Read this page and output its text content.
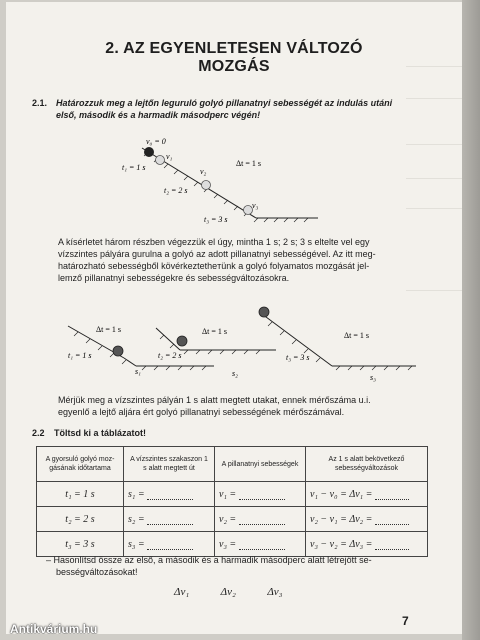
2. AZ EGYENLETESEN VÁLTOZÓ
MOZGÁS
2.1. Határozzuk meg a lejtőn leguruló golyó pillanatnyi sebességét az indulás utáni
első, második és a harmadik másodperc végén!
v₀ = 0
v₁
v₂
v₃
Δt = 1 s
t₁ = 1 s
t₂ = 2 s
t₃ = 3 s
Δt = 1 s
t₁ = 1 s
s₁
Δt = 1 s
t₂ = 2 s
s₂
Δt = 1 s
t₃ = 3 s
s₃
A kísérletet három részben végezzük el úgy, mintha 1 s; 2 s; 3 s eltelte vel egy
vízszintes pályára gurulna a golyó az adott pillanatnyi sebességével. Az itt meg-
határozható sebességből kövérkeztetheтünk a golyó folyamatos mozgását jel-
lemző pillanatnyi sebességekre és sebességváltozásokra.
Mérjük meg a vízszintes pályán 1 s alatt megtett utakat, ennek mérőszáma u.i.
egyenlő a lejtő aljára ért golyó pillanatnyi sebességének mérőszámával.
2.2 Töltsd ki a táblázatot!
A gyorsuló golyó moz-gásának időtartama	A vízszintes szakaszon 1 s alatt megtett út	A pillanatnyi sebességek	Az 1 s alatt bekövetkező sebességváltozások
t₁ = 1 s	s₁ =	v₁ =	v₁ − v₀ = Δv₁ =
t₂ = 2 s	s₂ =	v₂ =	v₂ − v₁ = Δv₂ =
t₃ = 3 s	s₃ =	v₃ =	v₃ − v₂ = Δv₃ =
– Hasonlítsd össze az első, a második és a harmadik másodperc alatt létrejött se-
bességváltozásokat!
Δv₁	Δv₂	Δv₃
7
Antikvárium.hu
